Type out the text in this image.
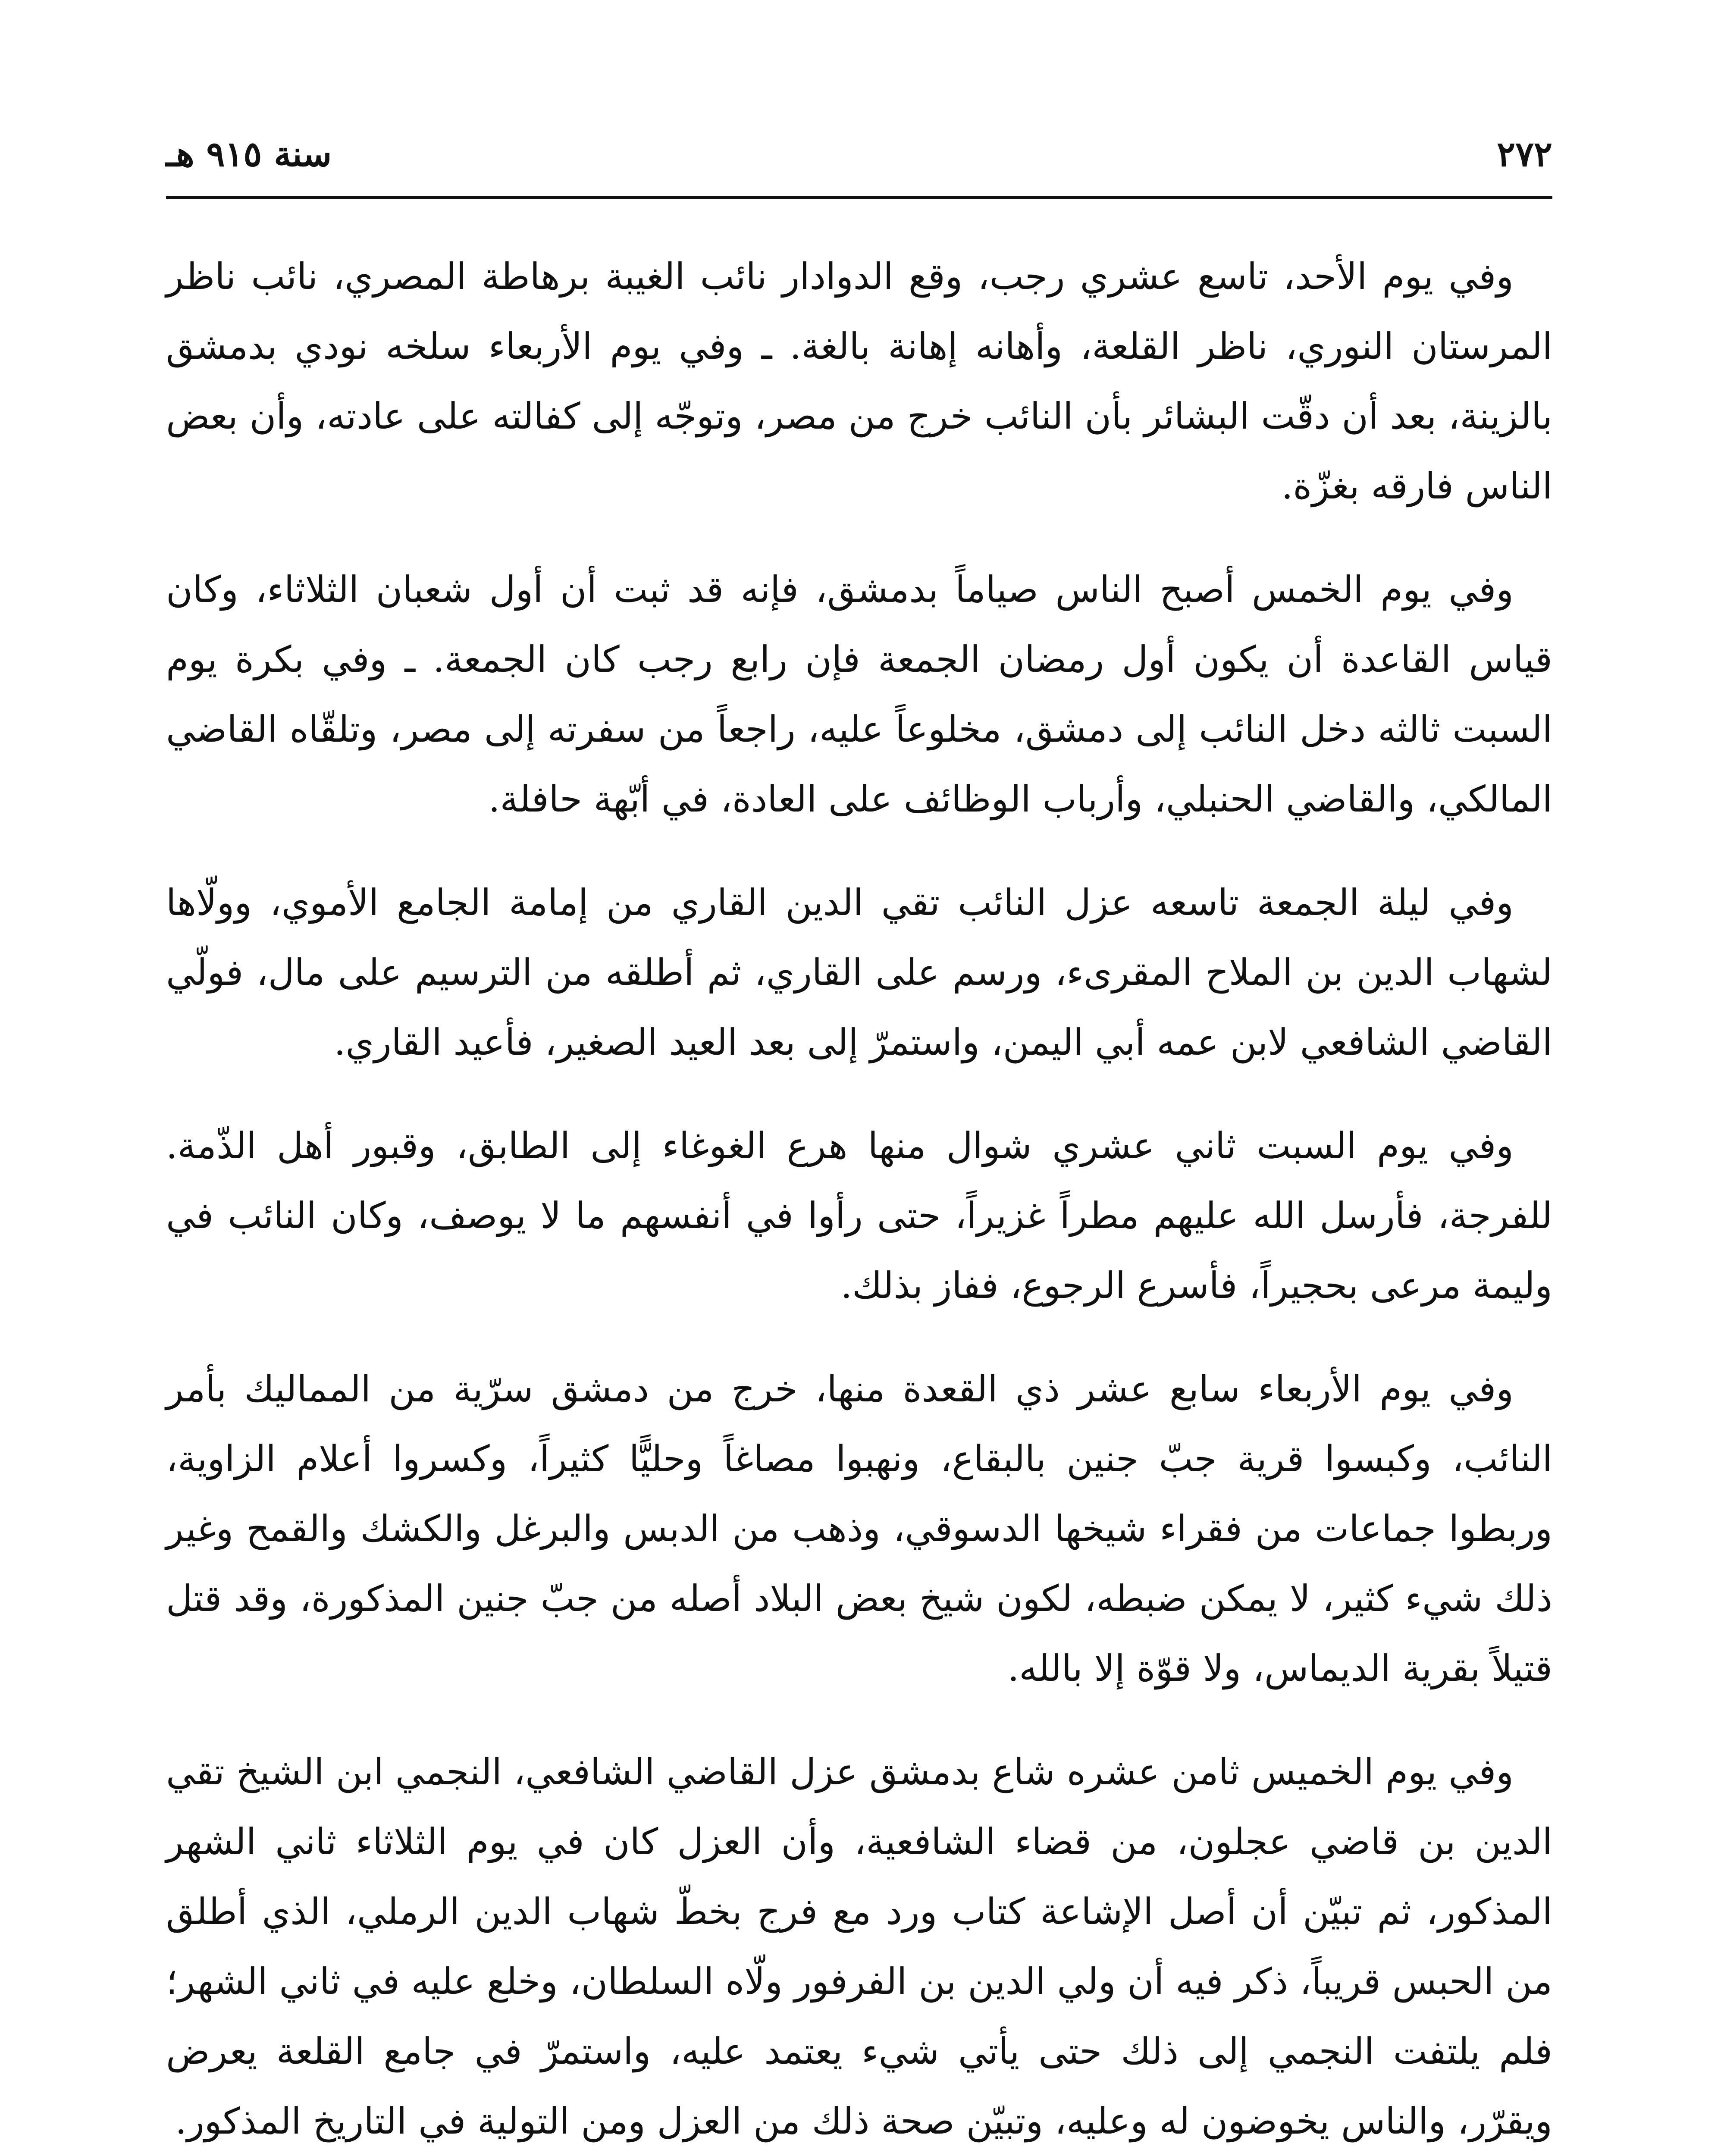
٢٧٢
سنة ٩١٥ هـ

وفي يوم الأحد، تاسع عشري رجب، وقع الدوادار نائب الغيبة برهاطة المصري، نائب ناظر المرستان النوري، ناظر القلعة، وأهانه إهانة بالغة. ـ وفي يوم الأربعاء سلخه نودي بدمشق بالزينة، بعد أن دقّت البشائر بأن النائب خرج من مصر، وتوجّه إلى كفالته على عادته، وأن بعض الناس فارقه بغزّة.

وفي يوم الخمس أصبح الناس صياماً بدمشق، فإنه قد ثبت أن أول شعبان الثلاثاء، وكان قياس القاعدة أن يكون أول رمضان الجمعة فإن رابع رجب كان الجمعة. ـ وفي بكرة يوم السبت ثالثه دخل النائب إلى دمشق، مخلوعاً عليه، راجعاً من سفرته إلى مصر، وتلقّاه القاضي المالكي، والقاضي الحنبلي، وأرباب الوظائف على العادة، في أبّهة حافلة.

وفي ليلة الجمعة تاسعه عزل النائب تقي الدين القاري من إمامة الجامع الأموي، وولّاها لشهاب الدين بن الملاح المقرىء، ورسم على القاري، ثم أطلقه من الترسيم على مال، فولّي القاضي الشافعي لابن عمه أبي اليمن، واستمرّ إلى بعد العيد الصغير، فأعيد القاري.

وفي يوم السبت ثاني عشري شوال منها هرع الغوغاء إلى الطابق، وقبور أهل الذّمة. للفرجة، فأرسل الله عليهم مطراً غزيراً، حتى رأوا في أنفسهم ما لا يوصف، وكان النائب في وليمة مرعى بحجيراً، فأسرع الرجوع، ففاز بذلك.

وفي يوم الأربعاء سابع عشر ذي القعدة منها، خرج من دمشق سرّية من المماليك بأمر النائب، وكبسوا قرية جبّ جنين بالبقاع، ونهبوا مصاغاً وحليًّا كثيراً، وكسروا أعلام الزاوية، وربطوا جماعات من فقراء شيخها الدسوقي، وذهب من الدبس والبرغل والكشك والقمح وغير ذلك شيء كثير، لا يمكن ضبطه، لكون شيخ بعض البلاد أصله من جبّ جنين المذكورة، وقد قتل قتيلاً بقرية الديماس، ولا قوّة إلا بالله.

وفي يوم الخميس ثامن عشره شاع بدمشق عزل القاضي الشافعي، النجمي ابن الشيخ تقي الدين بن قاضي عجلون، من قضاء الشافعية، وأن العزل كان في يوم الثلاثاء ثاني الشهر المذكور، ثم تبيّن أن أصل الإشاعة كتاب ورد مع فرج بخطّ شهاب الدين الرملي، الذي أطلق من الحبس قريباً، ذكر فيه أن ولي الدين بن الفرفور ولّاه السلطان، وخلع عليه في ثاني الشهر؛ فلم يلتفت النجمي إلى ذلك حتى يأتي شيء يعتمد عليه، واستمرّ في جامع القلعة يعرض ويقرّر، والناس يخوضون له وعليه، وتبيّن صحة ذلك من العزل ومن التولية في التاريخ المذكور.
